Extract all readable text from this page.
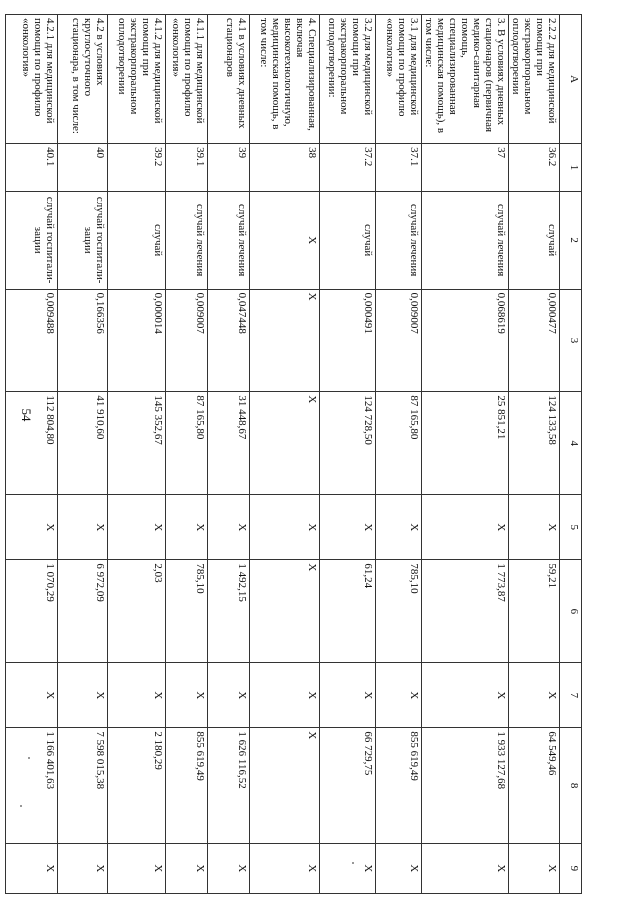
54
А	1	2	3	4	5	6	7	8	9
2.2.2 для медицинской помощи при экстракорпоральном оплодотворении	36.2	случай	0,000477	124 133,58	Х	59,21	Х	64 549,46	Х
3. В условиях дневных стационаров (первичная медико-санитарная помощь, специализированная медицинская помощь), в том числе:	37	случай лечения	0,068619	25 851,21	Х	1 773,87	Х	1 933 127,68	Х
3.1 для медицинской помощи по профилю «онкология»	37.1	случай лечения	0,009007	87 165,80	Х	785,10	Х	855 619,49	Х
3.2 для медицинской помощи при экстракорпоральном оплодотворении:	37.2	случай	0,000491	124 728,50	Х	61,24	Х	66 729,75	Х
4. Специализированная, включая высокотехнологичную, медицинская помощь, в том числе:	38	Х	Х	Х	Х	Х	Х	Х	Х
4.1 в условиях дневных стационаров	39	случай лечения	0,047448	31 448,67	Х	1 492,15	Х	1 626 116,52	Х
4.1.1 для медицинской помощи по профилю «онкология»	39.1	случай лечения	0,009007	87 165,80	Х	785,10	Х	855 619,49	Х
4.1.2 для медицинской помощи при экстракорпоральном оплодотворении	39.2	случай	0,000014	145 352,67	Х	2,03	Х	2 180,29	Х
4.2 в условиях круглосуточного стационара, в том числе:	40	случай госпитали-зации	0,166356	41 910,60	Х	6 972,09	Х	7 598 015,38	Х
4.2.1 для медицинской помощи по профилю «онкология»	40.1	случай госпитали-зации	0,009488	112 804,80	Х	1 070,29	Х	1 166 401,63	Х
